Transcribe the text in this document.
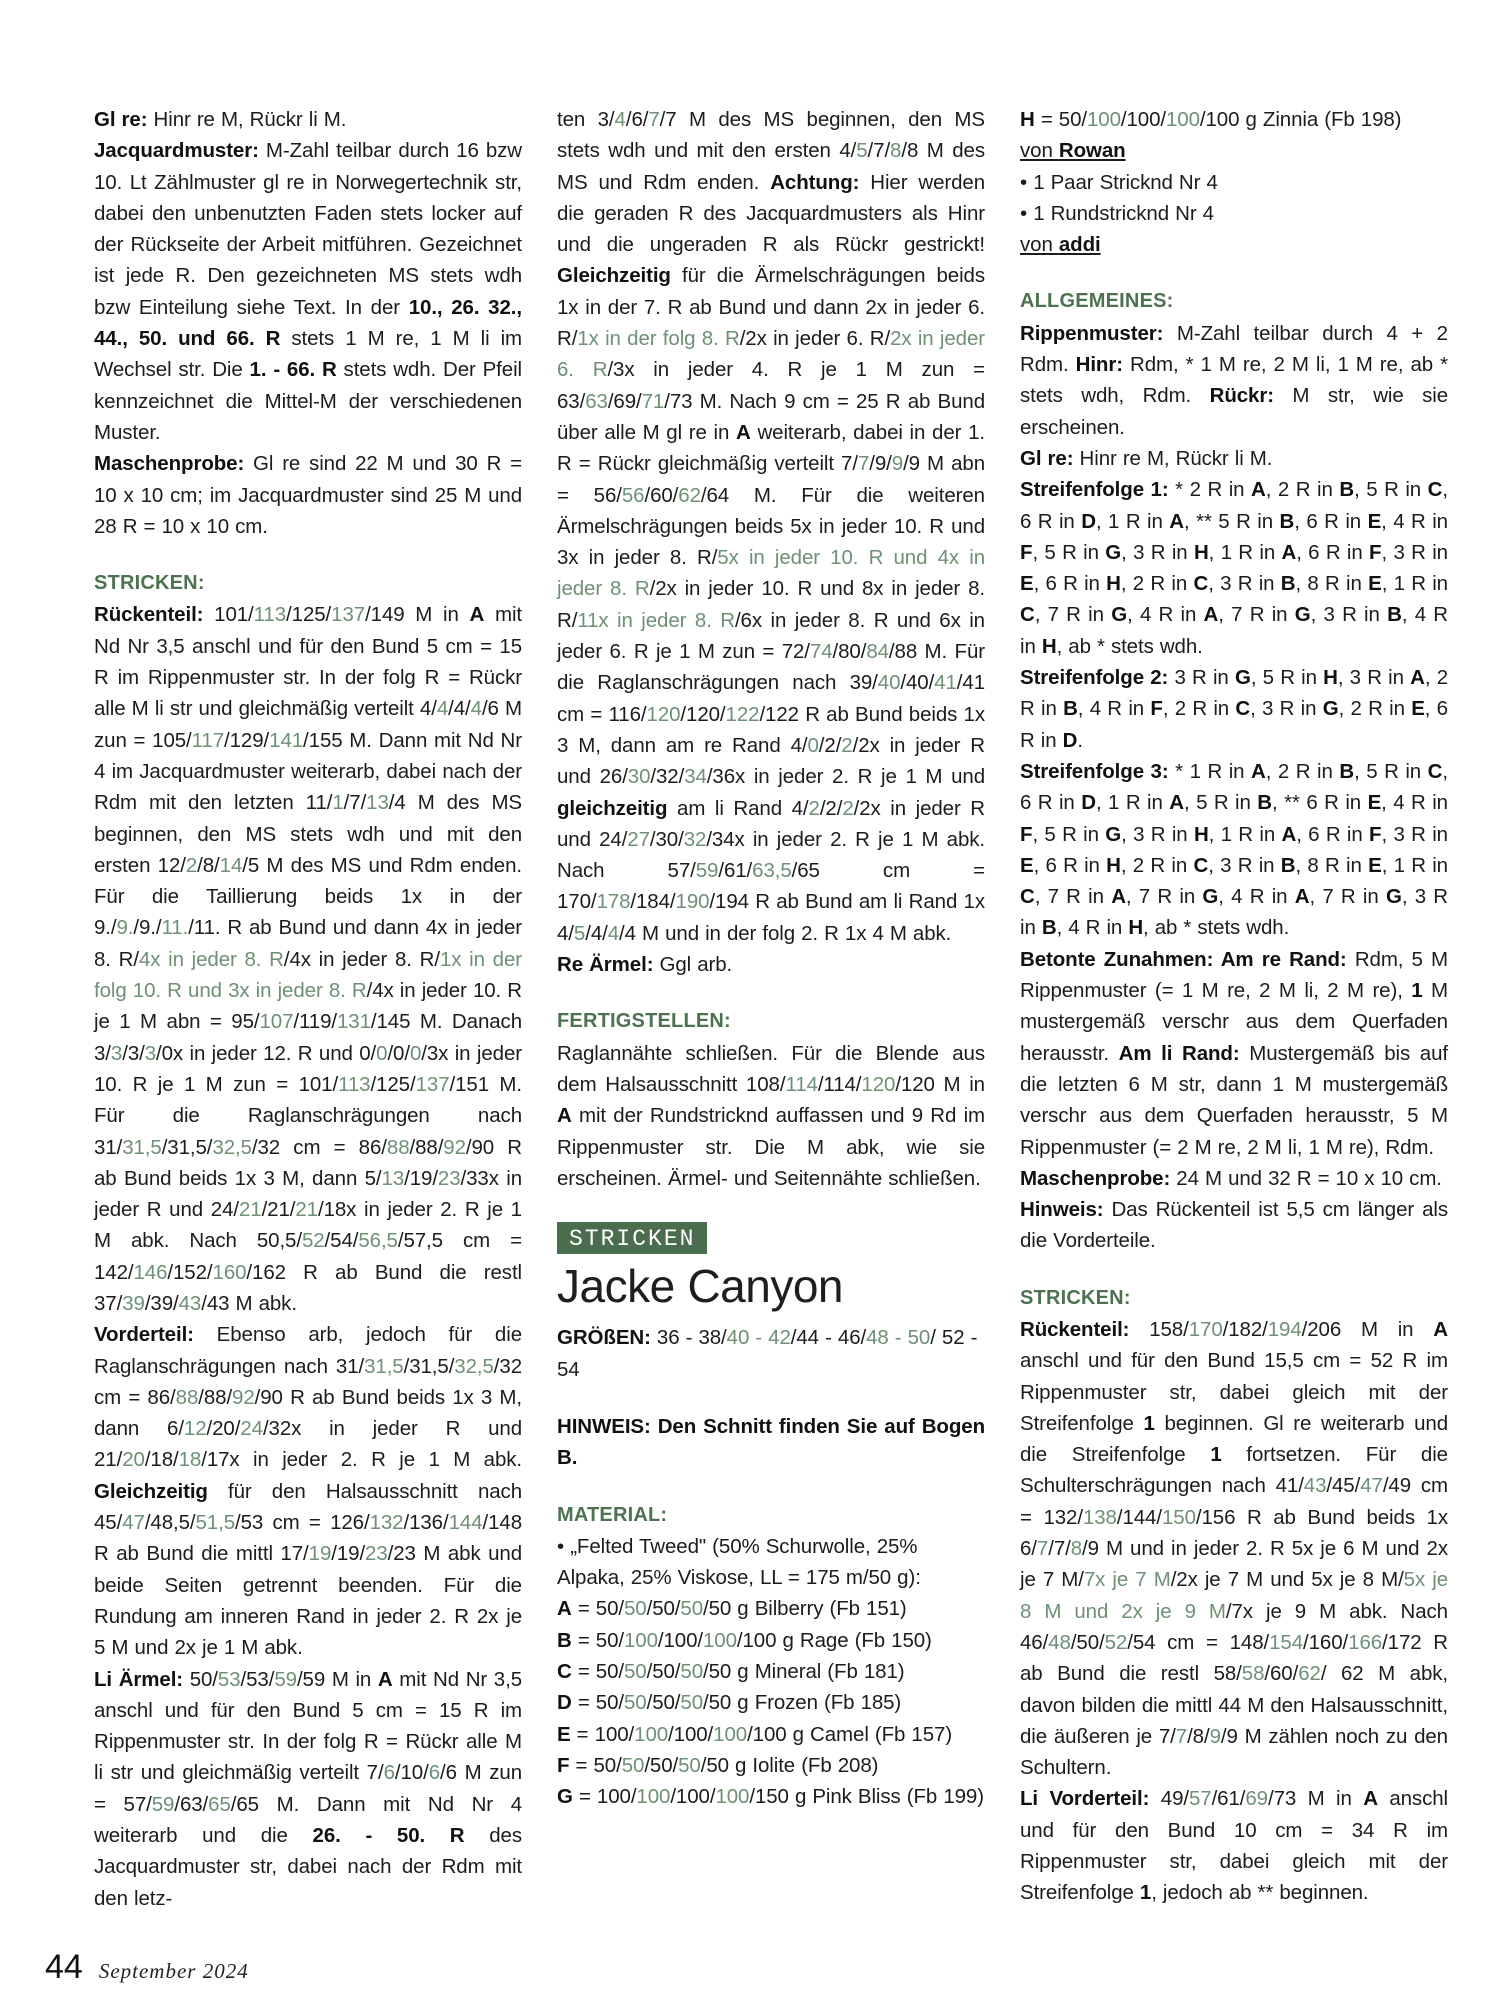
Gl re: Hinr re M, Rückr li M.

Jacquardmuster: M-Zahl teilbar durch 16 bzw 10. Lt Zählmuster gl re in Norwegertechnik str, dabei den unbenutzten Faden stets locker auf der Rückseite der Arbeit mitführen. Gezeichnet ist jede R. Den gezeichneten MS stets wdh bzw Einteilung siehe Text. In der 10., 26. 32., 44., 50. und 66. R stets 1 M re, 1 M li im Wechsel str. Die 1. - 66. R stets wdh. Der Pfeil kennzeichnet die Mittel-M der verschiedenen Muster.

Maschenprobe: Gl re sind 22 M und 30 R = 10 x 10 cm; im Jacquardmuster sind 25 M und 28 R = 10 x 10 cm.

STRICKEN:

Rückenteil: 101/113/125/137/149 M in A mit Nd Nr 3,5 anschl und für den Bund 5 cm = 15 R im Rippenmuster str. In der folg R = Rückr alle M li str und gleichmäßig verteilt 4/4/4/4/6 M zun = 105/117/129/141/155 M. Dann mit Nd Nr 4 im Jacquardmuster weiterarb, dabei nach der Rdm mit den letzten 11/1/7/13/4 M des MS beginnen, den MS stets wdh und mit den ersten 12/2/8/14/5 M des MS und Rdm enden. Für die Taillierung beids 1x in der 9./9./9./11./11. R ab Bund und dann 4x in jeder 8. R/4x in jeder 8. R/4x in jeder 8. R/1x in der folg 10. R und 3x in jeder 8. R/4x in jeder 10. R je 1 M abn = 95/107/119/131/145 M. Danach 3/3/3/3/0x in jeder 12. R und 0/0/0/0/3x in jeder 10. R je 1 M zun = 101/113/125/137/151 M. Für die Raglanschrägungen nach 31/31,5/31,5/32,5/32 cm = 86/88/88/92/90 R ab Bund beids 1x 3 M, dann 5/13/19/23/33x in jeder R und 24/21/21/21/18x in jeder 2. R je 1 M abk. Nach 50,5/52/54/56,5/57,5 cm = 142/146/152/160/162 R ab Bund die restl 37/39/39/43/43 M abk.

Vorderteil: Ebenso arb, jedoch für die Raglanschrägungen nach 31/31,5/31,5/32,5/32 cm = 86/88/88/92/90 R ab Bund beids 1x 3 M, dann 6/12/20/24/32x in jeder R und 21/20/18/18/17x in jeder 2. R je 1 M abk. Gleichzeitig für den Halsausschnitt nach 45/47/48,5/51,5/53 cm = 126/132/136/144/148 R ab Bund die mittl 17/19/19/23/23 M abk und beide Seiten getrennt beenden. Für die Rundung am inneren Rand in jeder 2. R 2x je 5 M und 2x je 1 M abk.

Li Ärmel: 50/53/53/59/59 M in A mit Nd Nr 3,5 anschl und für den Bund 5 cm = 15 R im Rippenmuster str. In der folg R = Rückr alle M li str und gleichmäßig verteilt 7/6/10/6/6 M zun = 57/59/63/65/65 M. Dann mit Nd Nr 4 weiterarb und die 26. - 50. R des Jacquardmuster str, dabei nach der Rdm mit den letz-

ten 3/4/6/7/7 M des MS beginnen, den MS stets wdh und mit den ersten 4/5/7/8/8 M des MS und Rdm enden. Achtung: Hier werden die geraden R des Jacquardmusters als Hinr und die ungeraden R als Rückr gestrickt! Gleichzeitig für die Ärmelschrägungen beids 1x in der 7. R ab Bund und dann 2x in jeder 6. R/1x in der folg 8. R/2x in jeder 6. R/2x in jeder 6. R/3x in jeder 4. R je 1 M zun = 63/63/69/71/73 M. Nach 9 cm = 25 R ab Bund über alle M gl re in A weiterarb, dabei in der 1. R = Rückr gleichmäßig verteilt 7/7/9/9/9 M abn = 56/56/60/62/64 M. Für die weiteren Ärmelschrägungen beids 5x in jeder 10. R und 3x in jeder 8. R/5x in jeder 10. R und 4x in jeder 8. R/2x in jeder 10. R und 8x in jeder 8. R/11x in jeder 8. R/6x in jeder 8. R und 6x in jeder 6. R je 1 M zun = 72/74/80/84/88 M. Für die Raglanschrägungen nach 39/40/40/41/41 cm = 116/120/120/122/122 R ab Bund beids 1x 3 M, dann am re Rand 4/0/2/2/2x in jeder R und 26/30/32/34/36x in jeder 2. R je 1 M und gleichzeitig am li Rand 4/2/2/2/2x in jeder R und 24/27/30/32/34x in jeder 2. R je 1 M abk. Nach 57/59/61/63,5/65 cm = 170/178/184/190/194 R ab Bund am li Rand 1x 4/5/4/4/4 M und in der folg 2. R 1x 4 M abk.

Re Ärmel: Ggl arb.

FERTIGSTELLEN:

Raglannähte schließen. Für die Blende aus dem Halsausschnitt 108/114/114/120/120 M in A mit der Rundstricknd auffassen und 9 Rd im Rippenmuster str. Die M abk, wie sie erscheinen. Ärmel- und Seitennähte schließen.

STRICKEN
Jacke Canyon

GRÖßEN: 36 - 38/40 - 42/44 - 46/48 - 50/ 52 - 54

HINWEIS: Den Schnitt finden Sie auf Bogen B.

MATERIAL:

• „Felted Tweed" (50% Schurwolle, 25% Alpaka, 25% Viskose, LL = 175 m/50 g):

A = 50/50/50/50/50 g Bilberry (Fb 151)

B = 50/100/100/100/100 g Rage (Fb 150)

C = 50/50/50/50/50 g Mineral (Fb 181)

D = 50/50/50/50/50 g Frozen (Fb 185)

E = 100/100/100/100/100 g Camel (Fb 157)

F = 50/50/50/50/50 g Iolite (Fb 208)

G = 100/100/100/100/150 g Pink Bliss (Fb 199)

H = 50/100/100/100/100 g Zinnia (Fb 198)

von Rowan

• 1 Paar Stricknd Nr 4

• 1 Rundstricknd Nr 4

von addi

ALLGEMEINES:

Rippenmuster: M-Zahl teilbar durch 4 + 2 Rdm. Hinr: Rdm, * 1 M re, 2 M li, 1 M re, ab * stets wdh, Rdm. Rückr: M str, wie sie erscheinen.

Gl re: Hinr re M, Rückr li M.

Streifenfolge 1: * 2 R in A, 2 R in B, 5 R in C, 6 R in D, 1 R in A, ** 5 R in B, 6 R in E, 4 R in F, 5 R in G, 3 R in H, 1 R in A, 6 R in F, 3 R in E, 6 R in H, 2 R in C, 3 R in B, 8 R in E, 1 R in C, 7 R in G, 4 R in A, 7 R in G, 3 R in B, 4 R in H, ab * stets wdh.

Streifenfolge 2: 3 R in G, 5 R in H, 3 R in A, 2 R in B, 4 R in F, 2 R in C, 3 R in G, 2 R in E, 6 R in D.

Streifenfolge 3: * 1 R in A, 2 R in B, 5 R in C, 6 R in D, 1 R in A, 5 R in B, ** 6 R in E, 4 R in F, 5 R in G, 3 R in H, 1 R in A, 6 R in F, 3 R in E, 6 R in H, 2 R in C, 3 R in B, 8 R in E, 1 R in C, 7 R in A, 7 R in G, 4 R in A, 7 R in G, 3 R in B, 4 R in H, ab * stets wdh.

Betonte Zunahmen: Am re Rand: Rdm, 5 M Rippenmuster (= 1 M re, 2 M li, 2 M re), 1 M mustergemäß verschr aus dem Querfaden herausstr. Am li Rand: Mustergemäß bis auf die letzten 6 M str, dann 1 M mustergemäß verschr aus dem Querfaden herausstr, 5 M Rippenmuster (= 2 M re, 2 M li, 1 M re), Rdm.

Maschenprobe: 24 M und 32 R = 10 x 10 cm.

Hinweis: Das Rückenteil ist 5,5 cm länger als die Vorderteile.

STRICKEN:

Rückenteil: 158/170/182/194/206 M in A anschl und für den Bund 15,5 cm = 52 R im Rippenmuster str, dabei gleich mit der Streifenfolge 1 beginnen. Gl re weiterarb und die Streifenfolge 1 fortsetzen. Für die Schulterschrägungen nach 41/43/45/47/49 cm = 132/138/144/150/156 R ab Bund beids 1x 6/7/7/8/9 M und in jeder 2. R 5x je 6 M und 2x je 7 M/7x je 7 M/2x je 7 M und 5x je 8 M/5x je 8 M und 2x je 9 M/7x je 9 M abk. Nach 46/48/50/52/54 cm = 148/154/160/166/172 R ab Bund die restl 58/58/60/62/ 62 M abk, davon bilden die mittl 44 M den Halsausschnitt, die äußeren je 7/7/8/9/9 M zählen noch zu den Schultern.

Li Vorderteil: 49/57/61/69/73 M in A anschl und für den Bund 10 cm = 34 R im Rippenmuster str, dabei gleich mit der Streifenfolge 1, jedoch ab ** beginnen.

44 September 2024
